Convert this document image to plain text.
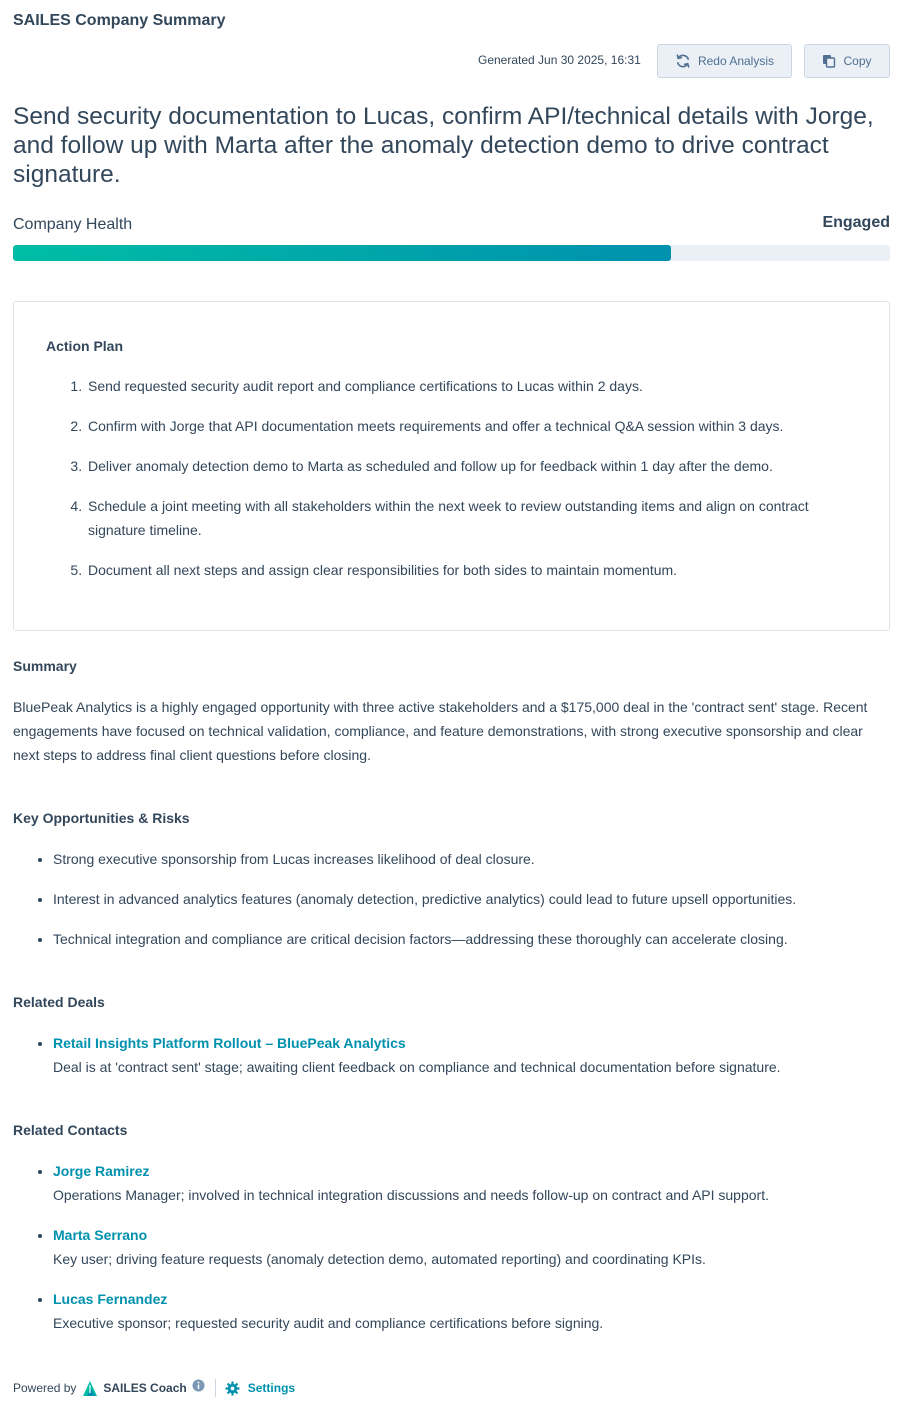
SAILES Company Summary
Generated Jun 30 2025, 16:31	Redo Analysis	Copy
Send security documentation to Lucas, confirm API/technical details with Jorge, and follow up with Marta after the anomaly detection demo to drive contract signature.
Company Health	Engaged
Action Plan
1. Send requested security audit report and compliance certifications to Lucas within 2 days.
2. Confirm with Jorge that API documentation meets requirements and offer a technical Q&A session within 3 days.
3. Deliver anomaly detection demo to Marta as scheduled and follow up for feedback within 1 day after the demo.
4. Schedule a joint meeting with all stakeholders within the next week to review outstanding items and align on contract signature timeline.
5. Document all next steps and assign clear responsibilities for both sides to maintain momentum.
Summary
BluePeak Analytics is a highly engaged opportunity with three active stakeholders and a $175,000 deal in the 'contract sent' stage. Recent engagements have focused on technical validation, compliance, and feature demonstrations, with strong executive sponsorship and clear next steps to address final client questions before closing.
Key Opportunities & Risks
• Strong executive sponsorship from Lucas increases likelihood of deal closure.
• Interest in advanced analytics features (anomaly detection, predictive analytics) could lead to future upsell opportunities.
• Technical integration and compliance are critical decision factors—addressing these thoroughly can accelerate closing.
Related Deals
• Retail Insights Platform Rollout – BluePeak Analytics
Deal is at 'contract sent' stage; awaiting client feedback on compliance and technical documentation before signature.
Related Contacts
• Jorge Ramirez
Operations Manager; involved in technical integration discussions and needs follow-up on contract and API support.
• Marta Serrano
Key user; driving feature requests (anomaly detection demo, automated reporting) and coordinating KPIs.
• Lucas Fernandez
Executive sponsor; requested security audit and compliance certifications before signing.
Powered by SAILES Coach	Settings
